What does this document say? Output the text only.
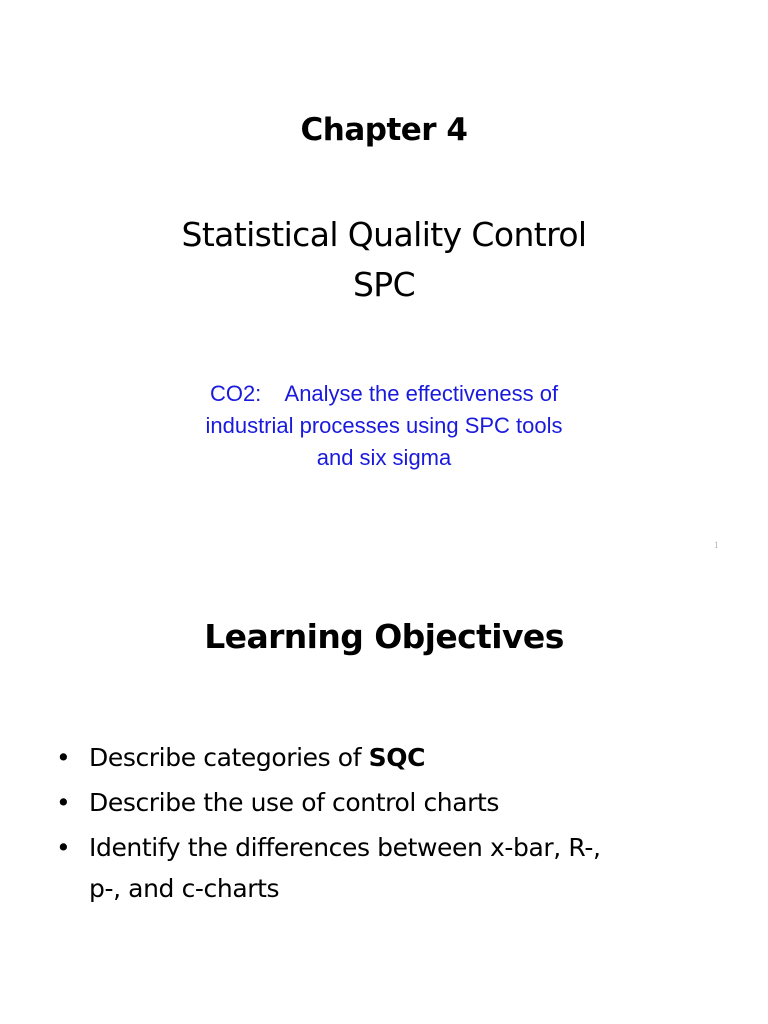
Chapter 4
Statistical Quality Control
SPC
CO2:    Analyse the effectiveness of
industrial processes using SPC tools
and six sigma
1
Learning Objectives
• Describe categories of SQC
• Describe the use of control charts
• Identify the differences between x-bar, R-,
p-, and c-charts
